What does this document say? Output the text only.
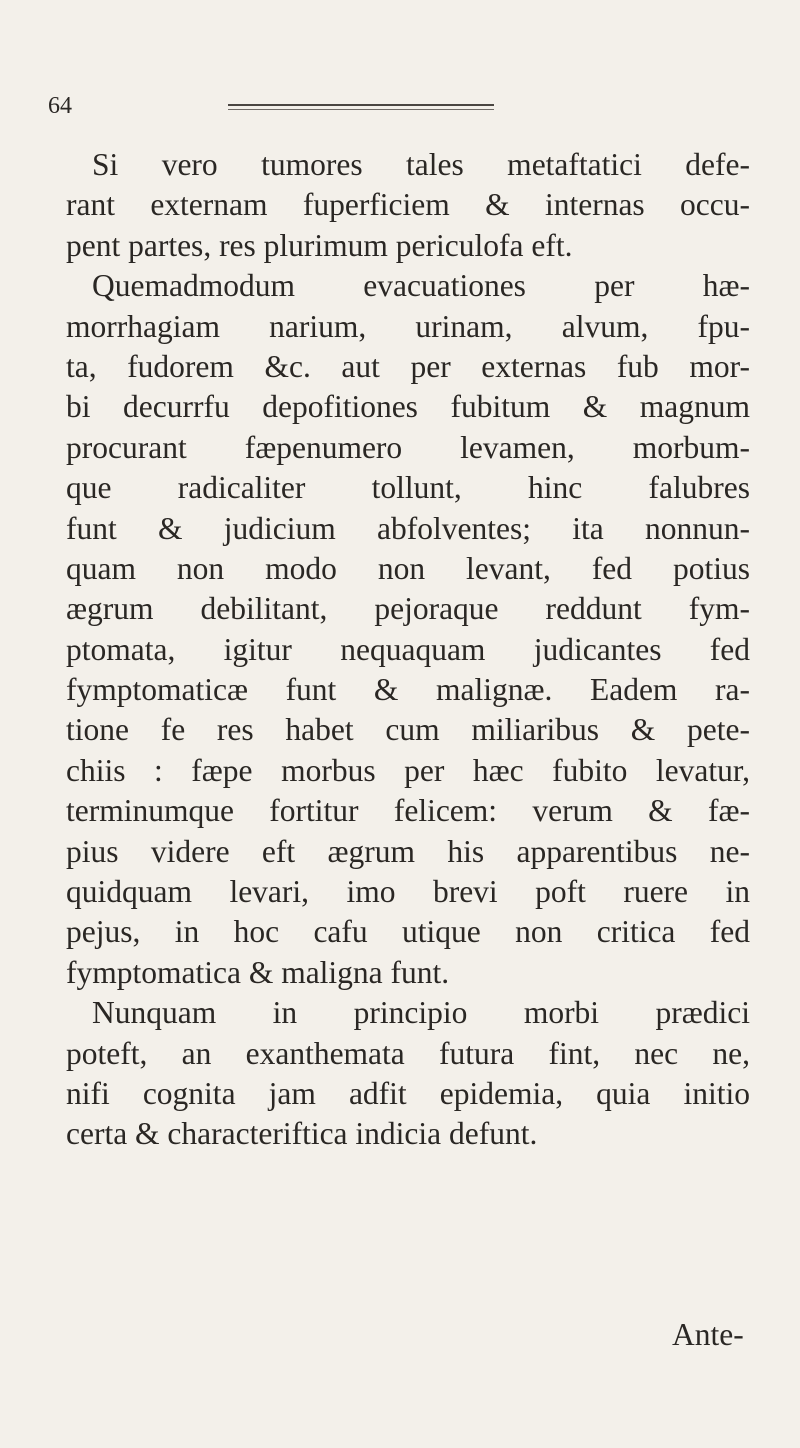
64
Si vero tumores tales metaftatici defe-
rant externam fuperficiem & internas occu-
pent partes, res plurimum periculofa eft.
Quemadmodum evacuationes per hæ-
morrhagiam narium, urinam, alvum, fpu-
ta, fudorem &c. aut per externas fub mor-
bi decurrfu depofitiones fubitum & magnum
procurant fæpenumero levamen, morbum-
que radicaliter tollunt, hinc falubres
funt & judicium abfolventes; ita nonnun-
quam non modo non levant, fed potius
ægrum debilitant, pejoraque reddunt fym-
ptomata, igitur nequaquam judicantes fed
fymptomaticæ funt & malignæ. Eadem ra-
tione fe res habet cum miliaribus & pete-
chiis : fæpe morbus per hæc fubito levatur,
terminumque fortitur felicem: verum & fæ-
pius videre eft ægrum his apparentibus ne-
quidquam levari, imo brevi poft ruere in
pejus, in hoc cafu utique non critica fed
fymptomatica & maligna funt.
Nunquam in principio morbi prædici
poteft, an exanthemata futura fint, nec ne,
nifi cognita jam adfit epidemia, quia initio
certa & characteriftica indicia defunt.
Ante-
